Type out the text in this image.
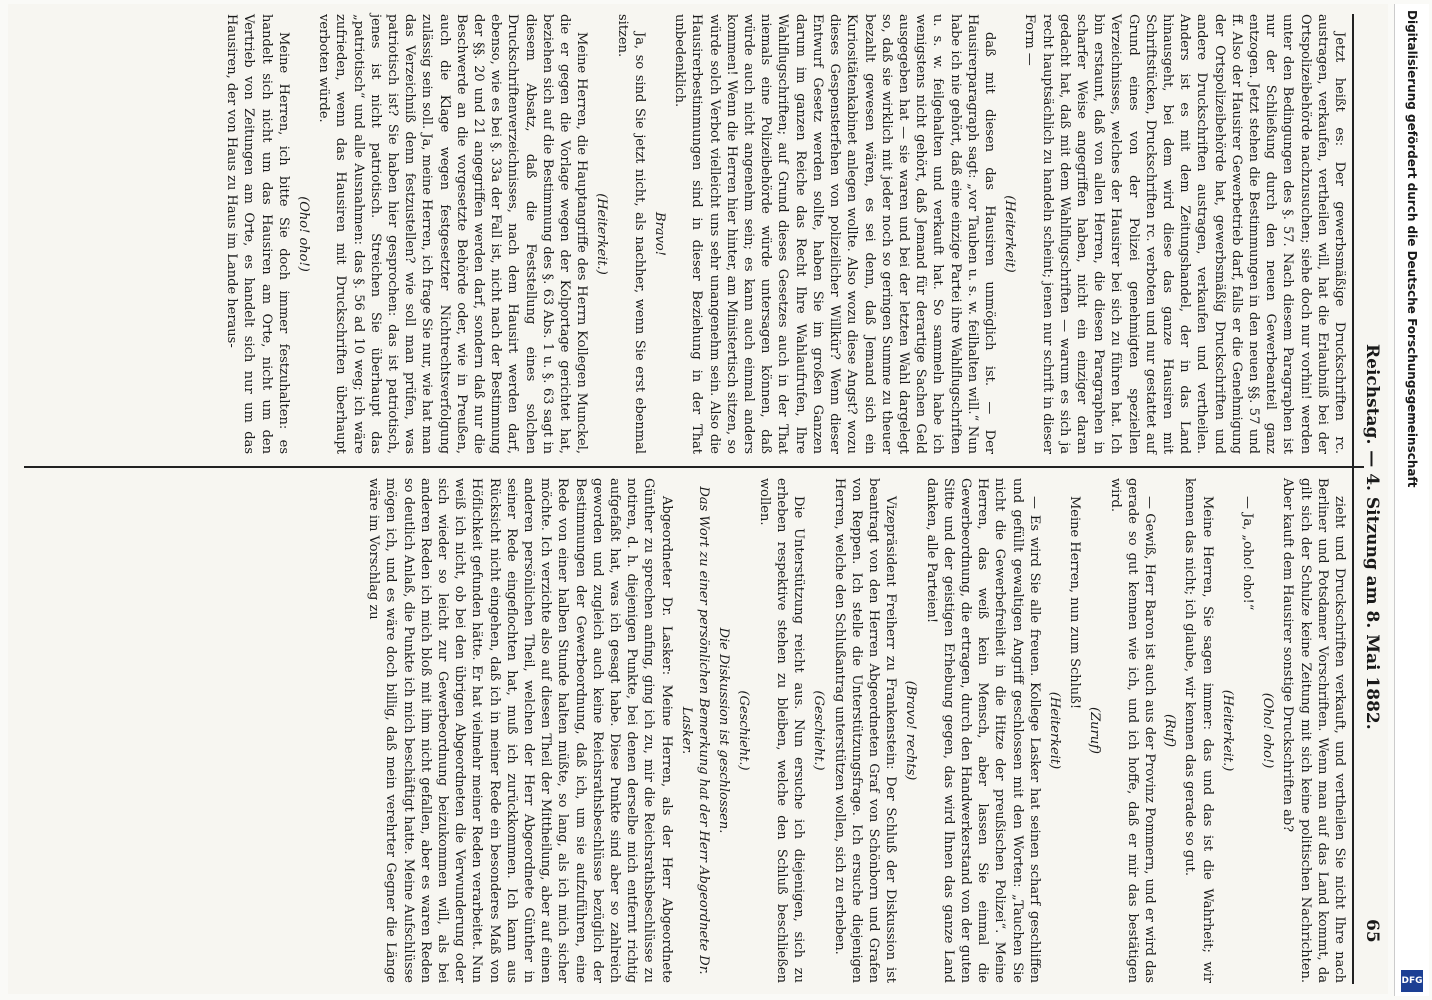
Reichstag. — 4. Sitzung am 8. Mai 1882.
65

Jetzt heißt es: Der gewerbsmäßige Druckschriften rc. austragen, verkaufen, vertheilen will, hat die Erlaubniß bei der Ortspolizeibehörde nachzusuchen; siehe doch nur vorhin! werden unter den Bedingungen des §. 57. Nach diesem Paragraphen ist nur der Schließung durch den neuen Gewerbeanteil ganz entzogen. Jetzt stehen die Bestimmungen in den neuen §§. 57 und ff. Also der Hausirer Gewerbetrieb darf, falls er die Genehmigung der Ortspolizeibehörde hat, gewerbsmäßig Druckschriften und andere Druckschriften austragen, verkaufen und vertheilen. Anders ist es mit dem Zeitungshandel, der in das Land hinausgeht, bei dem wird diese das ganze Hausiren mit Schriftstücken, Druckschriften rc. verboten und nur gestattet auf Grund eines von der Polizei genehmigten speziellen Verzeichnisses, welches der Hausirer bei sich zu führen hat. Ich bin erstaunt, daß von allen Herren, die diesen Paragraphen in scharfer Weise angegriffen haben, nicht ein einziger daran gedacht hat, daß mit dem Wahlflugschriften — warum es sich ja recht hauptsächlich zu handeln scheint; jenen nur schrift in dieser Form —

(Heiterkeit)

daß mit diesen das Hausiren unmöglich ist. — Der Hausirerparagraph sagt: „vor Tauben u. s. w. feilhalten will.“ Nun habe ich nie gehört, daß eine einzige Partei ihre Wahlflugschriften u. s. w. feilgehalten und verkauft hat. So sammeln habe ich wenigstens nicht gehört, daß Jemand für derartige Sachen Geld ausgegeben hat — sie waren und bei der letzten Wahl dargelegt so, daß sie wirklich mit jeder noch so geringen Summe zu theuer bezahlt gewesen wären, es sei denn, daß Jemand sich ein Kuriositätenkabinet anlegen wollte. Also wozu diese Angst? wozu dieses Gespensterfehen von polizeilicher Willkür? Wenn dieser Entwurf Gesetz werden sollte, haben Sie im großen Ganzen darum im ganzen Reiche das Recht Ihre Wahlaufrufen, Ihre Wahlflugschriften; auf Grund dieses Gesetzes auch in der That niemals eine Polizeibehörde würde untersagen können, daß würde auch nicht angenehm sein; es kann auch einmal anders kommen! Wenn die Herren hier hinter, am Ministertisch sitzen, so würde solch Verbot vielleicht uns sehr unangenehm sein. Also die Hausirerbestimmungen sind in dieser Beziehung in der That unbedenklich.

Bravo!

Ja, so sind Sie jetzt nicht, als nachher, wenn Sie erst ebenmal sitzen.

(Heiterkeit.)

Meine Herren, die Hauptangriffe des Herrn Kollegen Munckel, die er gegen die Vorlage wegen der Kolportage gerichtet hat, beziehen sich auf die Bestimmung des §. 63 Abs. 1 u. §. 63 sagt in diesem Absatz, daß die Feststellung eines solchen Druckschriftenverzeichnisses, nach dem Hausirt werden darf, ebenso, wie es bei §. 33a der Fall ist, nicht nach der Bestimmung der §§. 20 und 21 angegriffen werden darf, sondern daß nur die Beschwerde an die vorgesetzte Behörde oder, wie in Preußen, auch die Klage wegen festgesetzter Nichtrechtsverfolgung zulässig sein soll. Ja, meine Herren, ich frage Sie nur, wie hat man das Verzeichniß denn festzustellen? wie soll man prüfen, was patriotisch ist? Sie haben hier gesprochen: das ist patriotisch, jenes ist nicht patriotisch. Streichen Sie überhaupt das „patriotisch“ und alle Ausnahmen: das §. 56 ad 10 weg; ich wäre zufrieden, wenn das Hausiren mit Druckschriften überhaupt verboten würde.

(Oho! oho!)

Meine Herren, ich bitte Sie doch immer festzuhalten: es handelt sich nicht um das Hausiren am Orte, nicht um den Vertrieb von Zeitungen am Orte, es handelt sich nur um das Hausiren, der von Haus zu Haus im Lande heraus-

zieht und Druckschriften verkauft, und vertheilen Sie nicht Ihre nach Berliner und Potsdamer Vorschriften. Wenn man auf das Land kommt, da gilt sich der Schulze keine Zeitung mit sich keine politischen Nachrichten. Aber kauft dem Hausirer sonstige Druckschriften ab?

(Oho! oho!)

— Ja, „oho! oho!“

(Heiterkeit.)

Meine Herren, Sie sagen immer: das und das ist die Wahrheit; wir kennen das nicht; ich glaube, wir kennen das gerade so gut.

(Ruf)

— Gewiß, Herr Baron ist auch aus der Provinz Pommern, und er wird das gerade so gut kennen wie ich, und ich hoffe, daß er mir das bestätigen wird.

(Zuruf)

Meine Herren, nun zum Schluß!

(Heiterkeit)

— Es wird Sie alle freuen. Kollege Lasker hat seinen scharf geschliffen und gefüllt gewaltigen Angriff geschlossen mit den Worten: „Tauchen Sie nicht die Gewerbefreiheit in die Hitze der preußischen Polizei“. Meine Herren, das weiß kein Mensch, aber lassen Sie einmal die Gewerbeordnung, die ertragen, durch den Handwerkerstand von der guten Sitte und der geistigen Erhebung gegen, das wird Ihnen das ganze Land danken, alle Parteien!

(Bravo! rechts)

Vizepräsident Freiherr zu Frankenstein: Der Schluß der Diskussion ist beantragt von den Herren Abgeordneten Graf von Schönborn und Grafen von Reppen. Ich stelle die Unterstützungsfrage. Ich ersuche diejenigen Herren, welche den Schlußantrag unterstützen wollen, sich zu erheben.

(Geschieht.)

Die Unterstützung reicht aus. Nun ersuche ich diejenigen, sich zu erheben respektive stehen zu bleiben, welche den Schluß beschließen wollen.

(Geschieht.)

Die Diskussion ist geschlossen.

Das Wort zu einer persönlichen Bemerkung hat der Herr Abgeordnete Dr. Lasker.

Abgeordneter Dr. Lasker: Meine Herren, als der Herr Abgeordnete Günther zu sprechen anfing, ging ich zu, mir die Reichsrathsbeschlüsse zu notiren, d. h. diejenigen Punkte, bei denen derselbe mich entfernt richtig aufgefaßt hat, was ich gesagt habe. Diese Punkte sind aber so zahlreich geworden und zugleich auch keine Reichsrathsbeschlüsse bezüglich der Bestimmungen der Gewerbeordnung, daß ich, um sie aufzuführen, eine Rede von einer halben Stunde halten müßte, so lang, als ich mich sicher möchte. Ich verzichte also auf diesen Theil der Mittheilung, aber auf einen anderen persönlichen Theil, welchen der Herr Abgeordnete Günther in seiner Rede eingeflochten hat, muß ich zurückkommen. Ich kann aus Rücksicht nicht eingehen, daß ich in meiner Rede ein besonderes Maß von Höflichkeit gefunden hätte. Er hat vielmehr meiner Reden verarbeitet. Nun weiß ich nicht, ob bei den übrigen Abgeordneten die Verwunderung oder sich wieder so leicht zur Gewerbeordnung beizukommen will, als bei anderen Reden ich mich bloß mit ihm nicht gefallen, aber es waren Reden so deutlich Anlaß, die Punkte ich mich beschäftigt hatte. Meine Aufschlüsse mögen ich, und es wäre doch billig, daß mein verehrter Gegner die Länge wäre im Vorschlag zu

Digitalisierung gefördert durch die Deutsche Forschungsgemeinschaft
DFG
